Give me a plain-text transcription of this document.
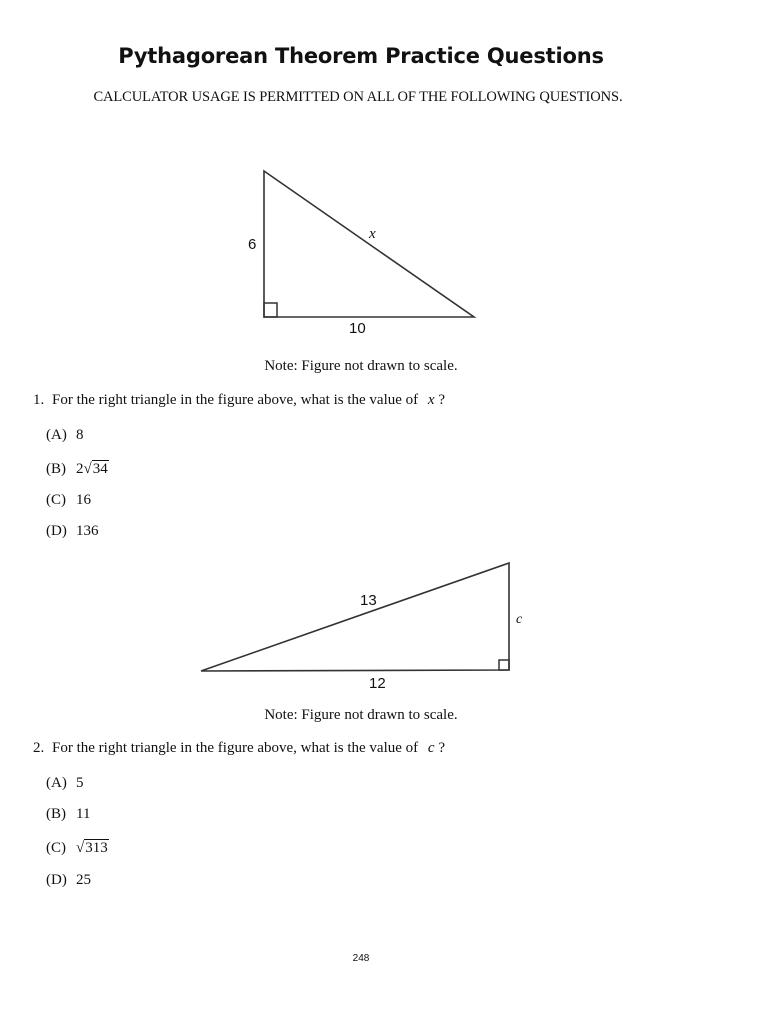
Pythagorean Theorem Practice Questions
CALCULATOR USAGE IS PERMITTED ON ALL OF THE FOLLOWING QUESTIONS.
6
10
x
Note: Figure not drawn to scale.
1. For the right triangle in the figure above, what is the value of x ?
(A) 8
(B) 2√34
(C) 16
(D) 136
13
12
c
Note: Figure not drawn to scale.
2. For the right triangle in the figure above, what is the value of c ?
(A) 5
(B) 11
(C) √313
(D) 25
248
